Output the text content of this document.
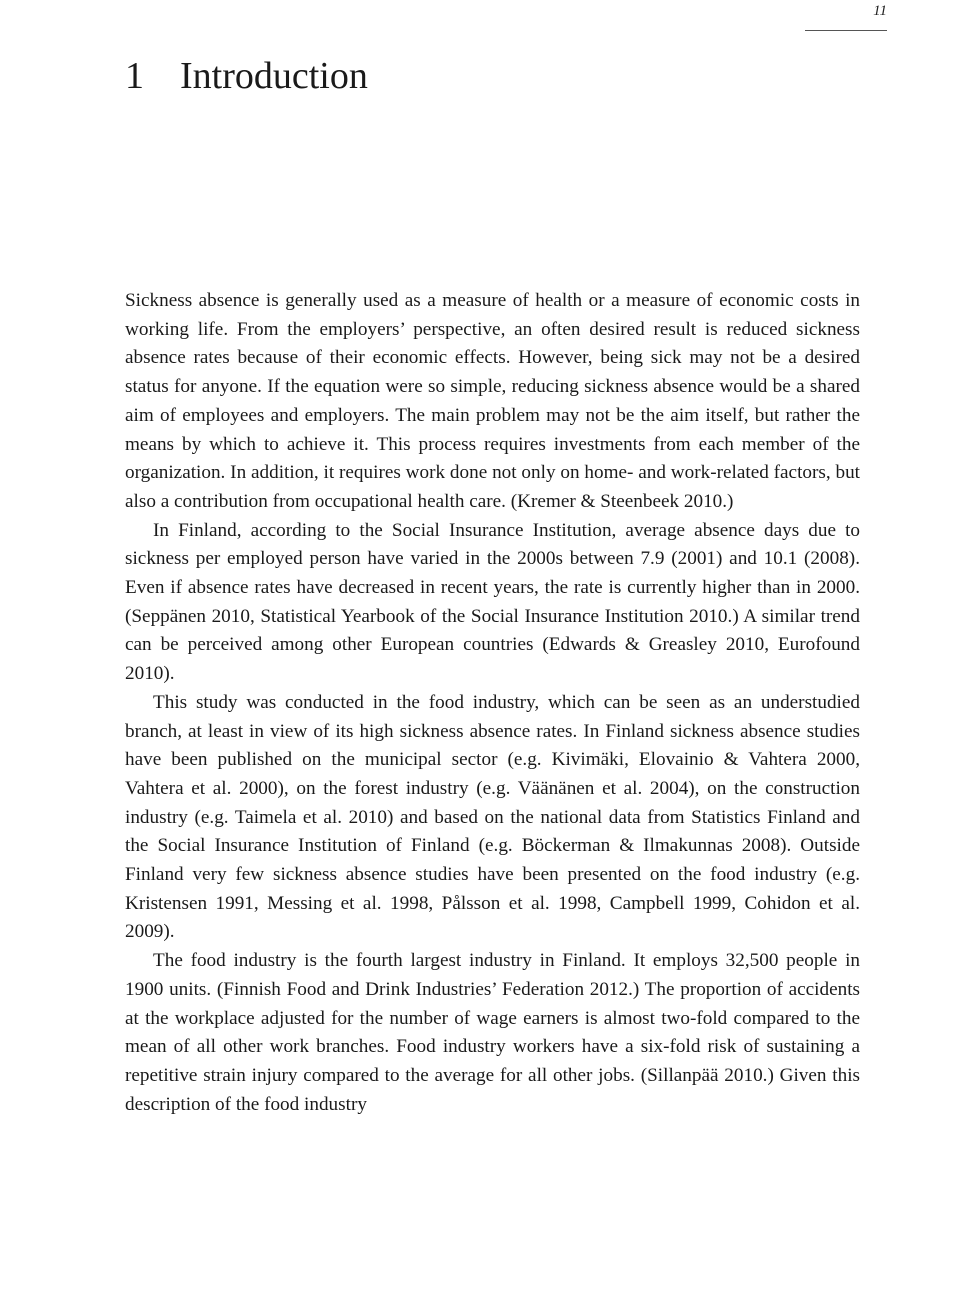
11
1 Introduction

Sickness absence is generally used as a measure of health or a measure of economic costs in working life. From the employers’ perspective, an often desired result is reduced sickness absence rates because of their economic effects. However, being sick may not be a desired status for anyone. If the equation were so simple, reducing sickness absence would be a shared aim of employees and employers. The main problem may not be the aim itself, but rather the means by which to achieve it. This process requires investments from each member of the organization. In addition, it requires work done not only on home- and work-related factors, but also a contribution from occupational health care. (Kremer & Steenbeek 2010.)

In Finland, according to the Social Insurance Institution, average absence days due to sickness per employed person have varied in the 2000s between 7.9 (2001) and 10.1 (2008). Even if absence rates have decreased in recent years, the rate is currently higher than in 2000. (Seppänen 2010, Statistical Yearbook of the Social Insurance Institution 2010.) A similar trend can be perceived among other European countries (Edwards & Greasley 2010, Eurofound 2010).

This study was conducted in the food industry, which can be seen as an understudied branch, at least in view of its high sickness absence rates. In Finland sickness absence studies have been published on the municipal sector (e.g. Kivimäki, Elovainio & Vahtera 2000, Vahtera et al. 2000), on the forest industry (e.g. Väänänen et al. 2004), on the construction industry (e.g. Taimela et al. 2010) and based on the national data from Statistics Finland and the Social Insurance Institution of Finland (e.g. Böckerman & Ilmakunnas 2008). Outside Finland very few sickness absence studies have been presented on the food industry (e.g. Kristensen 1991, Messing et al. 1998, Pålsson et al. 1998, Campbell 1999, Cohidon et al. 2009).

The food industry is the fourth largest industry in Finland. It employs 32,500 people in 1900 units. (Finnish Food and Drink Industries’ Federation 2012.) The proportion of accidents at the workplace adjusted for the number of wage earners is almost two-fold compared to the mean of all other work branches. Food industry workers have a six-fold risk of sustaining a repetitive strain injury compared to the average for all other jobs. (Sillanpää 2010.) Given this description of the food industry
